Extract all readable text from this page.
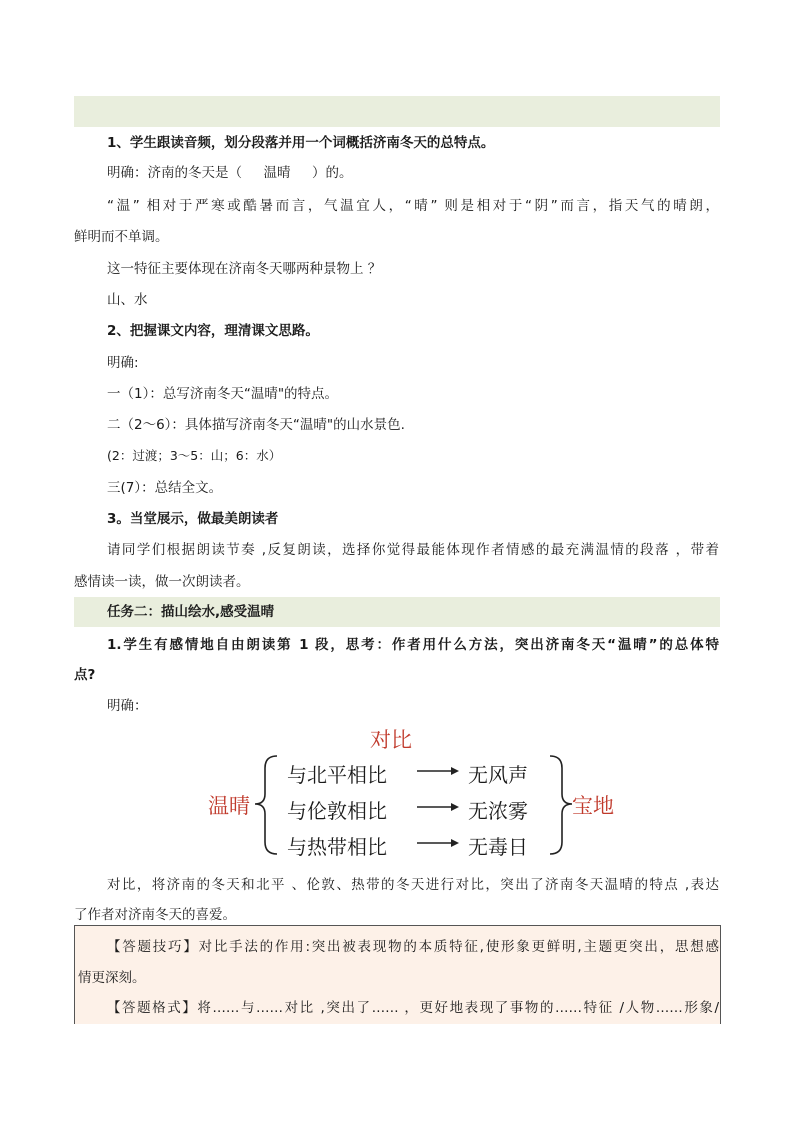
1、学生跟读音频，划分段落并用一个词概括济南冬天的总特点。
明确：济南的冬天是（ 温晴 ）的。
“温” 相对于严寒或酷暑而言，气温宜人，“晴” 则是相对于“阴”而言，指天气的晴朗，
鲜明而不单调。
这一特征主要体现在济南冬天哪两种景物上 ？
山、水
2、把握课文内容，理清课文思路。
明确:
一（1）：总写济南冬天“温晴"的特点。
二（2～6）：具体描写济南冬天“温晴"的山水景色.
(2：过渡；3～5：山；6：水）
三(7）：总结全文。
3。当堂展示，做最美朗读者
请同学们根据朗读节奏 ,反复朗读，选择你觉得最能体现作者情感的最充满温情的段落 ，带着
感情读一读，做一次朗读者。
任务二：描山绘水,感受温晴
1.学生有感情地自由朗读第 1 段，思考：作者用什么方法，突出济南冬天“温晴”的总体特
点?
明确：
对比
温晴	宝地
与北平相比
与伦敦相比
与热带相比
无风声
无浓雾
无毒日
对比，将济南的冬天和北平 、伦敦、热带的冬天进行对比，突出了济南冬天温晴的特点 ,表达
了作者对济南冬天的喜爱。
【答题技巧】对比手法的作用:突出被表现物的本质特征,使形象更鲜明,主题更突出，思想感
情更深刻。
【答题格式】将……与……对比 ,突出了…… ，更好地表现了事物的……特征 /人物……形象/
